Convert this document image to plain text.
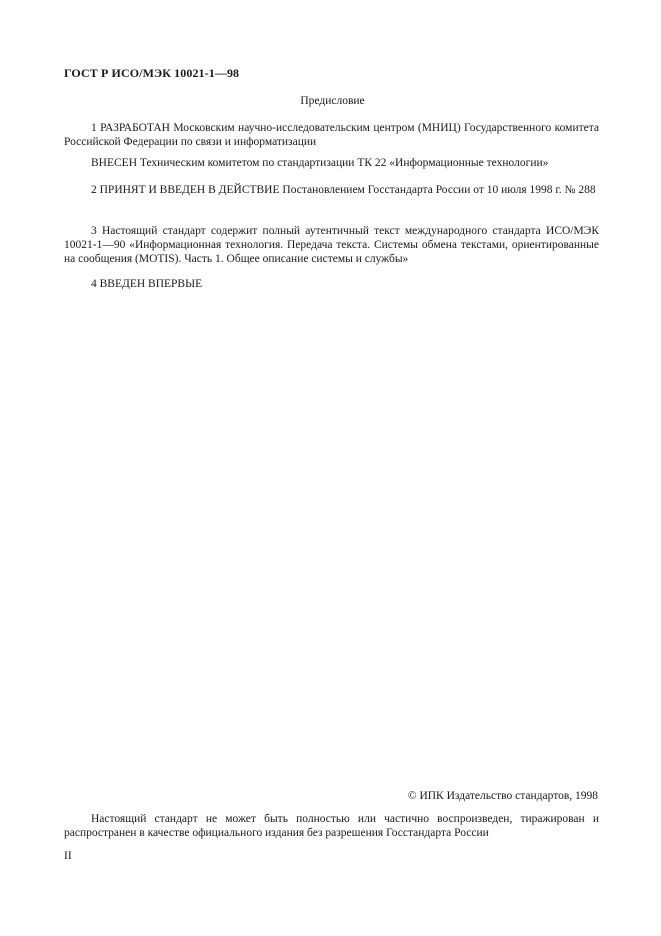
ГОСТ Р ИСО/МЭК 10021-1—98
Предисловие

1 РАЗРАБОТАН Московским научно-исследовательским центром (МНИЦ) Государственного комитета Российской Федерации по связи и информатизации

ВНЕСЕН Техническим комитетом по стандартизации ТК 22 «Информационные технологии»

2 ПРИНЯТ И ВВЕДЕН В ДЕЙСТВИЕ Постановлением Госстандарта России от 10 июля 1998 г. № 288

3 Настоящий стандарт содержит полный аутентичный текст международного стандарта ИСО/МЭК 10021-1—90 «Информационная технология. Передача текста. Системы обмена текстами, ориентированные на сообщения (MOTIS). Часть 1. Общее описание системы и службы»

4 ВВЕДЕН ВПЕРВЫЕ

© ИПК Издательство стандартов, 1998

Настоящий стандарт не может быть полностью или частично воспроизведен, тиражирован и распространен в качестве официального издания без разрешения Госстандарта России

II
